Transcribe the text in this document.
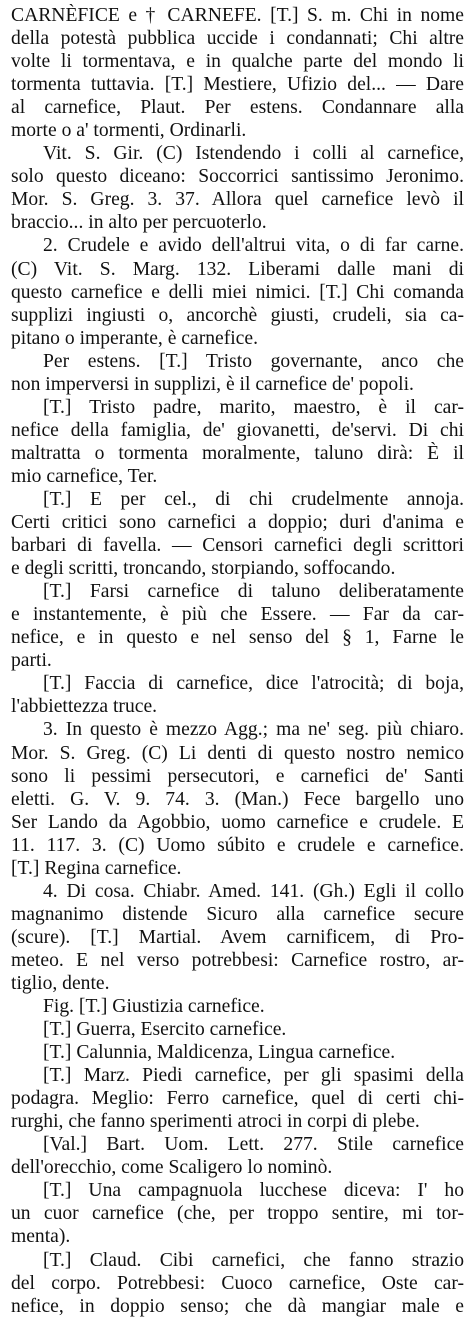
CARNÈFICE e † CARNEFE. [T.] S. m. Chi in nome
della potestà pubblica uccide i condannati; Chi altre
volte li tormentava, e in qualche parte del mondo li
tormenta tuttavia. [T.] Mestiere, Ufizio del... — Dare
al carnefice, Plaut. Per estens. Condannare alla
morte o a' tormenti, Ordinarli.
Vit. S. Gir. (C) Istendendo i colli al carnefice,
solo questo diceano: Soccorrici santissimo Jeronimo.
Mor. S. Greg. 3. 37. Allora quel carnefice levò il
braccio... in alto per percuoterlo.
2. Crudele e avido dell'altrui vita, o di far carne.
(C) Vit. S. Marg. 132. Liberami dalle mani di
questo carnefice e delli miei nimici. [T.] Chi comanda
supplizi ingiusti o, ancorchè giusti, crudeli, sia ca-
pitano o imperante, è carnefice.
Per estens. [T.] Tristo governante, anco che
non imperversi in supplizi, è il carnefice de' popoli.
[T.] Tristo padre, marito, maestro, è il car-
nefice della famiglia, de' giovanetti, de'servi. Di chi
maltratta o tormenta moralmente, taluno dirà: È il
mio carnefice, Ter.
[T.] E per cel., di chi crudelmente annoja.
Certi critici sono carnefici a doppio; duri d'anima e
barbari di favella. — Censori carnefici degli scrittori
e degli scritti, troncando, storpiando, soffocando.
[T.] Farsi carnefice di taluno deliberatamente
e instantemente, è più che Essere. — Far da car-
nefice, e in questo e nel senso del § 1, Farne le
parti.
[T.] Faccia di carnefice, dice l'atrocità; di boja,
l'abbiettezza truce.
3. In questo è mezzo Agg.; ma ne' seg. più chiaro.
Mor. S. Greg. (C) Li denti di questo nostro nemico
sono li pessimi persecutori, e carnefici de' Santi
eletti. G. V. 9. 74. 3. (Man.) Fece bargello uno
Ser Lando da Agobbio, uomo carnefice e crudele. E
11. 117. 3. (C) Uomo súbito e crudele e carnefice.
[T.] Regina carnefice.
4. Di cosa. Chiabr. Amed. 141. (Gh.) Egli il collo
magnanimo distende Sicuro alla carnefice secure
(scure). [T.] Martial. Avem carnificem, di Pro-
meteo. E nel verso potrebbesi: Carnefice rostro, ar-
tiglio, dente.
Fig. [T.] Giustizia carnefice.
[T.] Guerra, Esercito carnefice.
[T.] Calunnia, Maldicenza, Lingua carnefice.
[T.] Marz. Piedi carnefice, per gli spasimi della
podagra. Meglio: Ferro carnefice, quel di certi chi-
rurghi, che fanno sperimenti atroci in corpi di plebe.
[Val.] Bart. Uom. Lett. 277. Stile carnefice
dell'orecchio, come Scaligero lo nominò.
[T.] Una campagnuola lucchese diceva: I' ho
un cuor carnefice (che, per troppo sentire, mi tor-
menta).
[T.] Claud. Cibi carnefici, che fanno strazio
del corpo. Potrebbesi: Cuoco carnefice, Oste car-
nefice, in doppio senso; che dà mangiar male e
